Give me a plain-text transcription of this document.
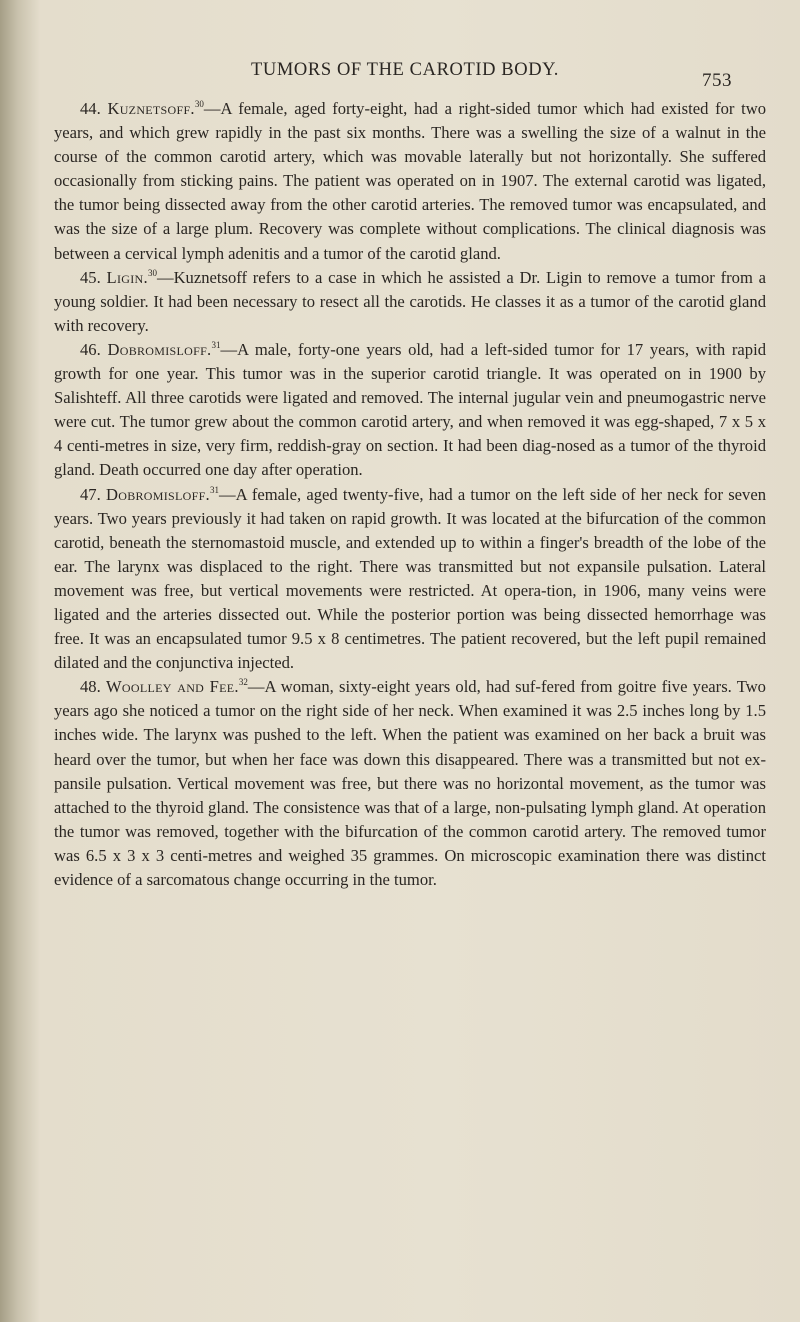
TUMORS OF THE CAROTID BODY.	753

44. Kuznetsoff.$^{30}$—A female, aged forty-eight, had a right-sided tumor which had existed for two years, and which grew rapidly in the past six months. There was a swelling the size of a walnut in the course of the common carotid artery, which was movable laterally but not horizontally. She suffered occasionally from sticking pains. The patient was operated on in 1907. The external carotid was ligated, the tumor being dissected away from the other carotid arteries. The removed tumor was encapsulated, and was the size of a large plum. Recovery was complete without complications. The clinical diagnosis was between a cervical lymph adenitis and a tumor of the carotid gland.

45. Ligin.$^{30}$—Kuznetsoff refers to a case in which he assisted a Dr. Ligin to remove a tumor from a young soldier. It had been necessary to resect all the carotids. He classes it as a tumor of the carotid gland with recovery.

46. Dobromisloff.$^{31}$—A male, forty-one years old, had a left-sided tumor for 17 years, with rapid growth for one year. This tumor was in the superior carotid triangle. It was operated on in 1900 by Salishteff. All three carotids were ligated and removed. The internal jugular vein and pneumogastric nerve were cut. The tumor grew about the common carotid artery, and when removed it was egg-shaped, 7 x 5 x 4 centi-metres in size, very firm, reddish-gray on section. It had been diag-nosed as a tumor of the thyroid gland. Death occurred one day after operation.

47. Dobromisloff.$^{31}$—A female, aged twenty-five, had a tumor on the left side of her neck for seven years. Two years previously it had taken on rapid growth. It was located at the bifurcation of the common carotid, beneath the sternomastoid muscle, and extended up to within a finger's breadth of the lobe of the ear. The larynx was displaced to the right. There was transmitted but not expansile pulsation. Lateral movement was free, but vertical movements were restricted. At opera-tion, in 1906, many veins were ligated and the arteries dissected out. While the posterior portion was being dissected hemorrhage was free. It was an encapsulated tumor 9.5 x 8 centimetres. The patient recovered, but the left pupil remained dilated and the conjunctiva injected.

48. Woolley and Fee.$^{32}$—A woman, sixty-eight years old, had suf-fered from goitre five years. Two years ago she noticed a tumor on the right side of her neck. When examined it was 2.5 inches long by 1.5 inches wide. The larynx was pushed to the left. When the patient was examined on her back a bruit was heard over the tumor, but when her face was down this disappeared. There was a transmitted but not ex-pansile pulsation. Vertical movement was free, but there was no horizontal movement, as the tumor was attached to the thyroid gland. The consistence was that of a large, non-pulsating lymph gland. At operation the tumor was removed, together with the bifurcation of the common carotid artery. The removed tumor was 6.5 x 3 x 3 centi-metres and weighed 35 grammes. On microscopic examination there was distinct evidence of a sarcomatous change occurring in the tumor.
